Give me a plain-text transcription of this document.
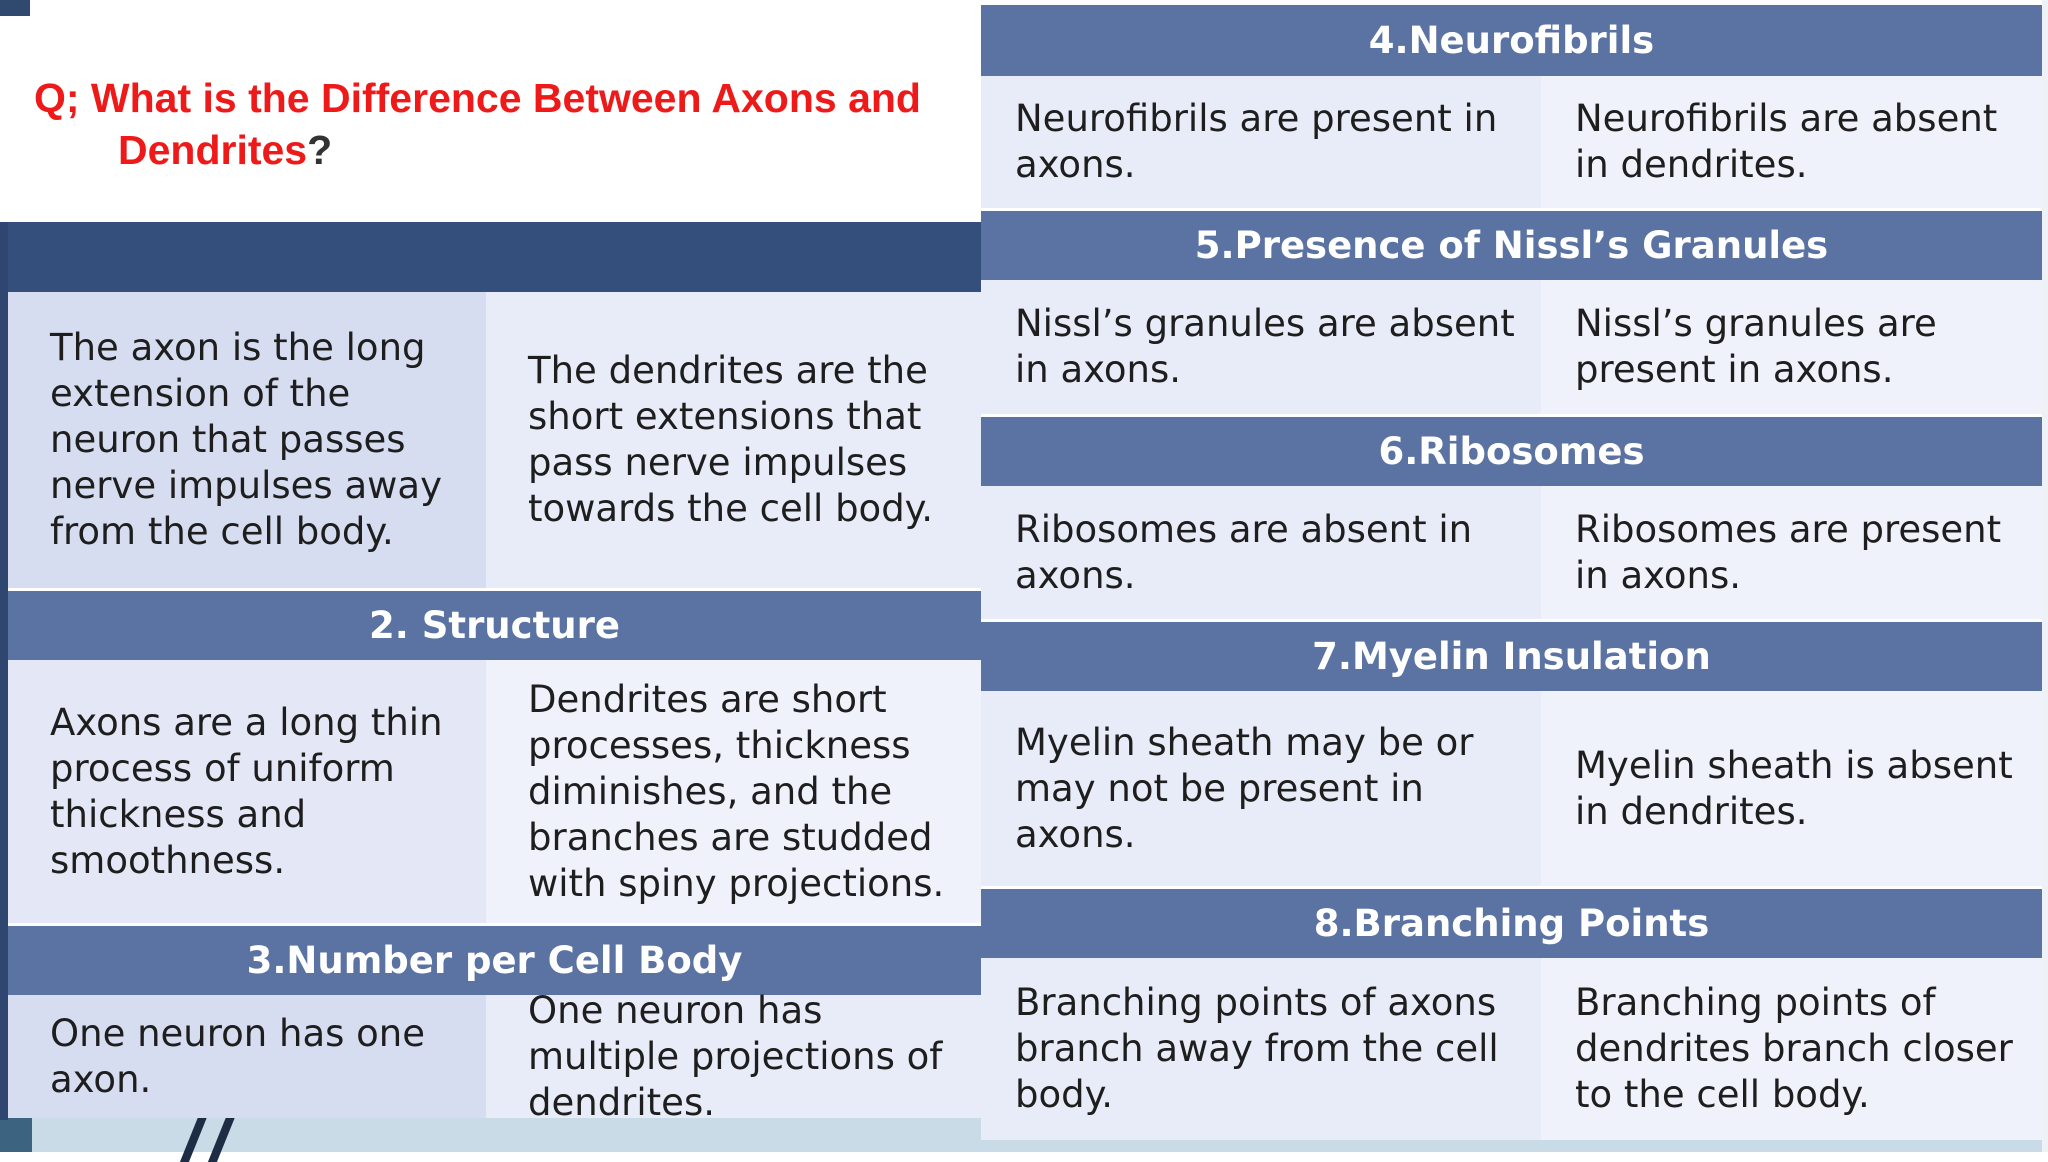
Q; What is the Difference Between Axons and
Dendrites?
The axon is the long extension of the neuron that passes nerve impulses away from the cell body.
The dendrites are the short extensions that pass nerve impulses towards the cell body.
2. Structure
Axons are a long thin process of uniform thickness and smoothness.
Dendrites are short processes, thickness diminishes, and the branches are studded with spiny projections.
3.Number per Cell Body
One neuron has one axon.
One neuron has multiple projections of dendrites.
4.Neurofibrils
Neurofibrils are present in axons.
Neurofibrils are absent in dendrites.
5.Presence of Nissl’s Granules
Nissl’s granules are absent in axons.
Nissl’s granules are present in axons.
6.Ribosomes
Ribosomes are absent in axons.
Ribosomes are present in axons.
7.Myelin Insulation
Myelin sheath may be or may not be present in axons.
Myelin sheath is absent in dendrites.
8.Branching Points
Branching points of axons branch away from the cell body.
Branching points of dendrites branch closer to the cell body.
